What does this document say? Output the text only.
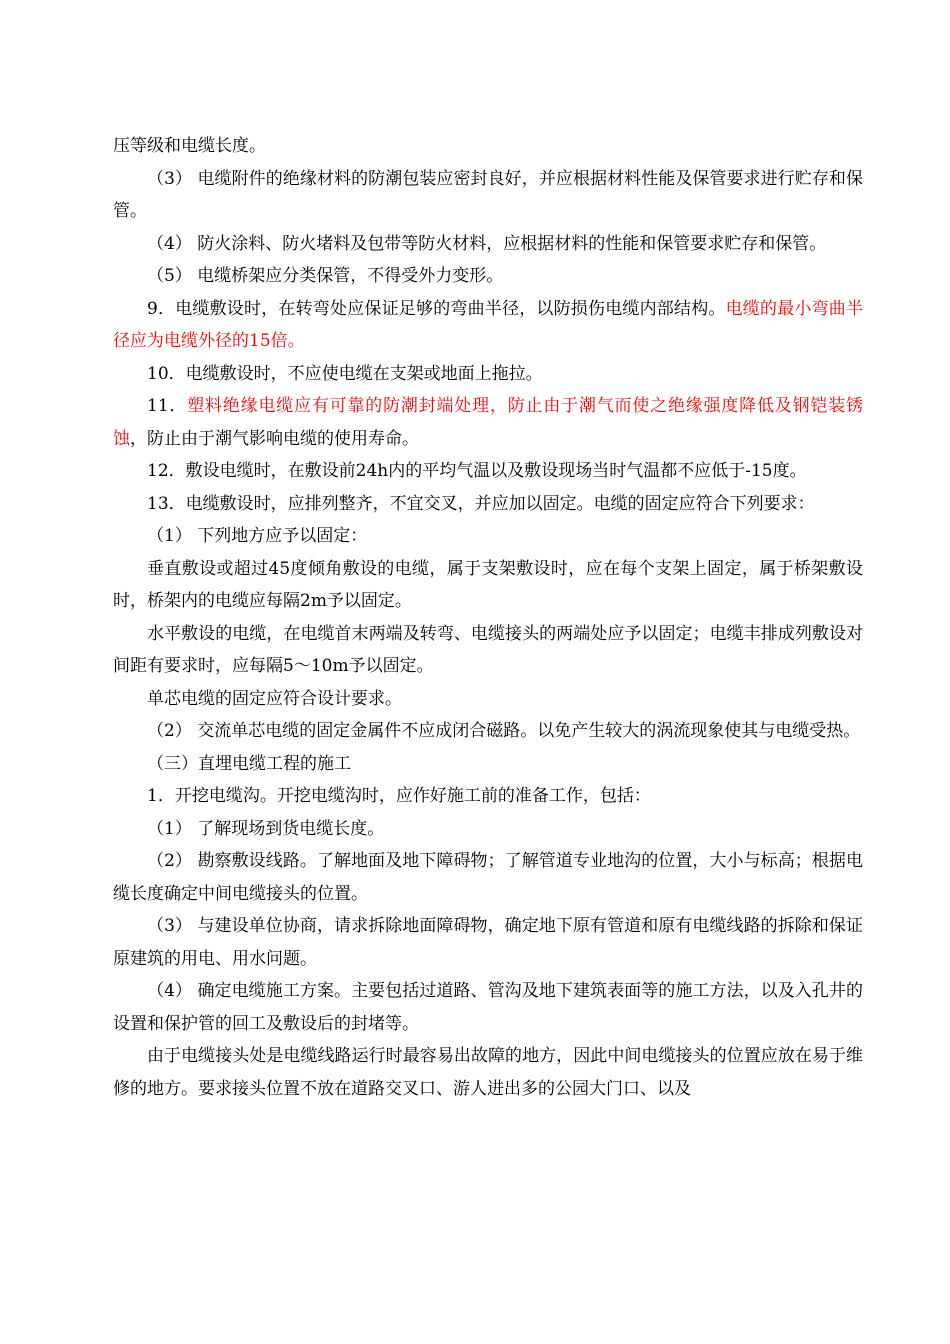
压等级和电缆长度。

（3） 电缆附件的绝缘材料的防潮包装应密封良好，并应根据材料性能及保管要求进行贮存和保管。

（4） 防火涂料、防火堵料及包带等防火材料，应根据材料的性能和保管要求贮存和保管。

（5） 电缆桥架应分类保管，不得受外力变形。

9．电缆敷设时，在转弯处应保证足够的弯曲半径，以防损伤电缆内部结构。电缆的最小弯曲半径应为电缆外径的15倍。

10．电缆敷设时，不应使电缆在支架或地面上拖拉。

11．塑料绝缘电缆应有可靠的防潮封端处理，防止由于潮气而使之绝缘强度降低及钢铠装锈蚀，防止由于潮气影响电缆的使用寿命。

12．敷设电缆时，在敷设前24h内的平均气温以及敷设现场当时气温都不应低于-15度。

13．电缆敷设时，应排列整齐，不宜交叉，并应加以固定。电缆的固定应符合下列要求：

（1） 下列地方应予以固定：

垂直敷设或超过45度倾角敷设的电缆，属于支架敷设时，应在每个支架上固定，属于桥架敷设时，桥架内的电缆应每隔2m予以固定。

水平敷设的电缆，在电缆首末两端及转弯、电缆接头的两端处应予以固定；电缆丰排成列敷设对间距有要求时，应每隔5～10m予以固定。

单芯电缆的固定应符合设计要求。

（2） 交流单芯电缆的固定金属件不应成闭合磁路。以免产生较大的涡流现象使其与电缆受热。

（三）直埋电缆工程的施工

1．开挖电缆沟。开挖电缆沟时，应作好施工前的准备工作，包括：

（1） 了解现场到货电缆长度。

（2） 勘察敷设线路。了解地面及地下障碍物；了解管道专业地沟的位置，大小与标高；根据电缆长度确定中间电缆接头的位置。

（3） 与建设单位协商，请求拆除地面障碍物，确定地下原有管道和原有电缆线路的拆除和保证原建筑的用电、用水问题。

（4） 确定电缆施工方案。主要包括过道路、管沟及地下建筑表面等的施工方法，以及入孔井的设置和保护管的回工及敷设后的封堵等。

由于电缆接头处是电缆线路运行时最容易出故障的地方，因此中间电缆接头的位置应放在易于维修的地方。要求接头位置不放在道路交叉口、游人进出多的公园大门口、以及
